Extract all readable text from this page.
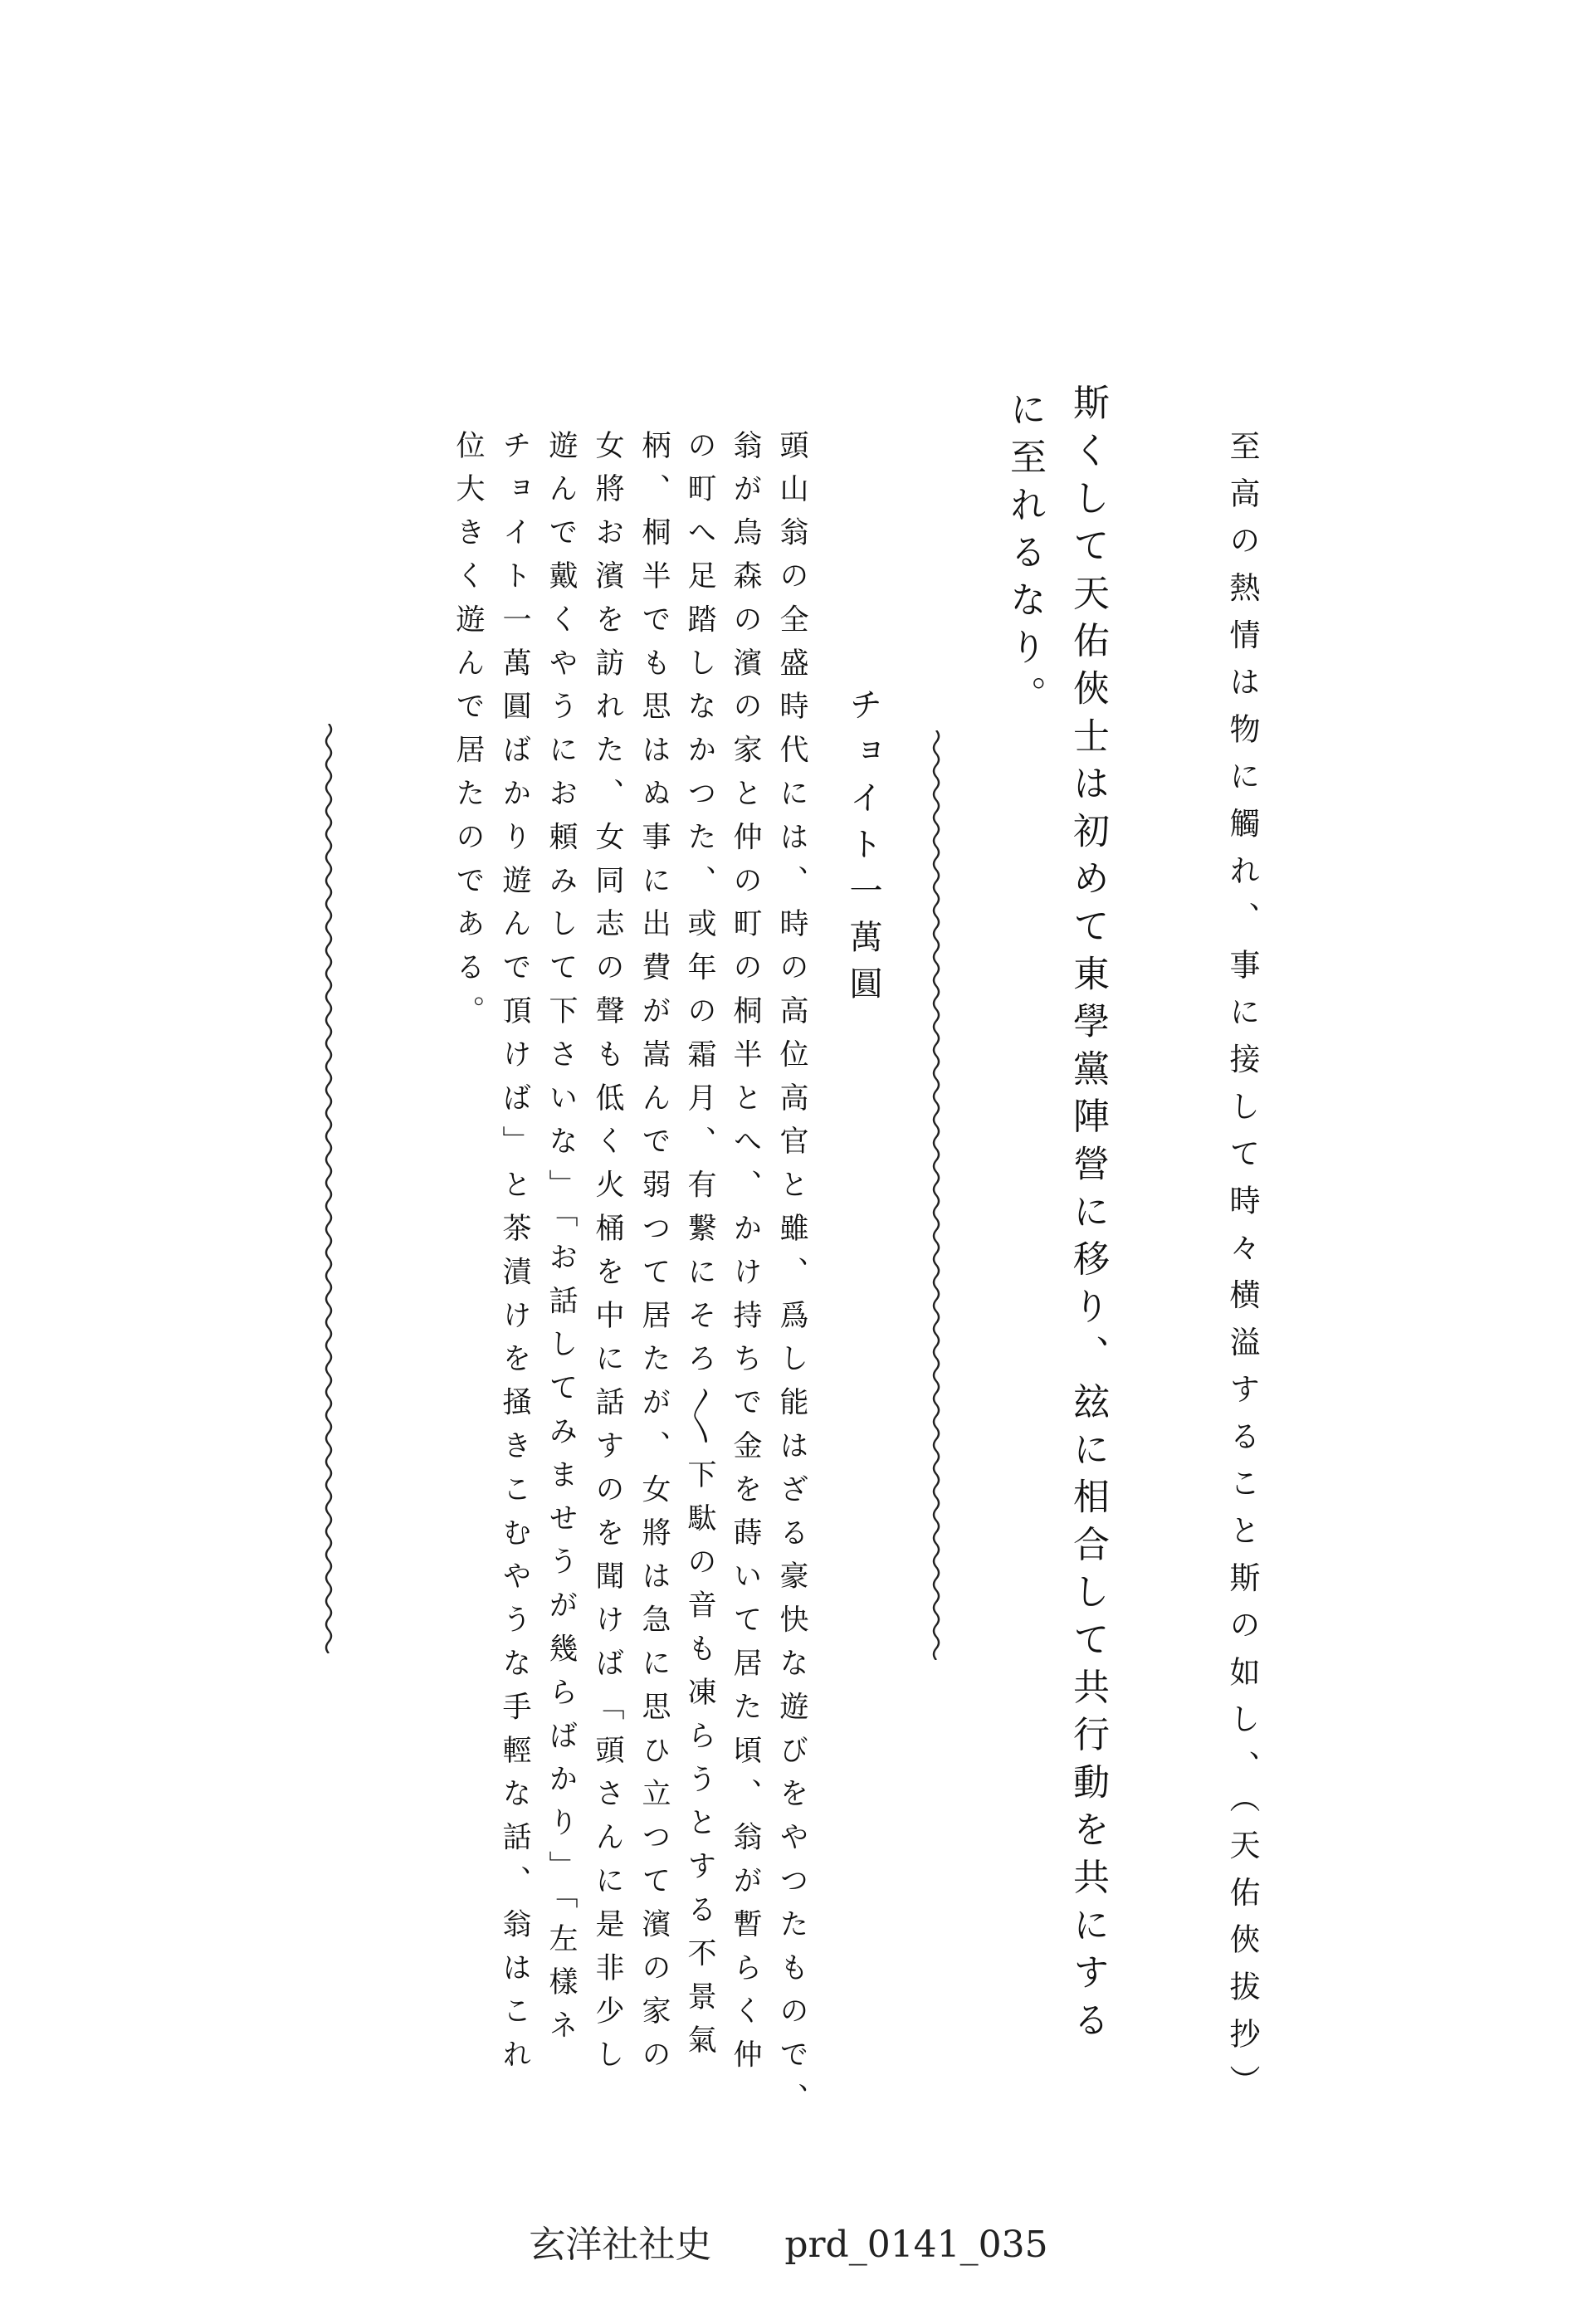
至高の熱情は物に觸れ、事に接して時々横溢すること斯の如し、（天佑俠拔抄）
斯くして天佑俠士は初めて東學黨陣營に移り、玆に相合して共行動を共にする
に至れるなり。
チョイト一萬圓
頭山翁の全盛時代には、時の高位高官と雖、爲し能はざる豪快な遊びをやつたもので、
翁が烏森の濱の家と仲の町の桐半とへ、かけ持ちで金を蒔いて居た頃、翁が暫らく仲
の町へ足踏しなかつた、或年の霜月、有繋にそろ〳〵下駄の音も凍らうとする不景氣
柄、桐半でも思はぬ事に出費が嵩んで弱つて居たが、女將は急に思ひ立つて濱の家の
女將お濱を訪れた、女同志の聲も低く火桶を中に話すのを聞けば「頭さんに是非少し
遊んで戴くやうにお頼みして下さいな」「お話してみませうが幾らばかり」「左樣ネ
チョイト一萬圓ばかり遊んで頂けば」と茶漬けを掻きこむやうな手輕な話、翁はこれ
位大きく遊んで居たのである。
玄洋社社史　　prd_0141_035
